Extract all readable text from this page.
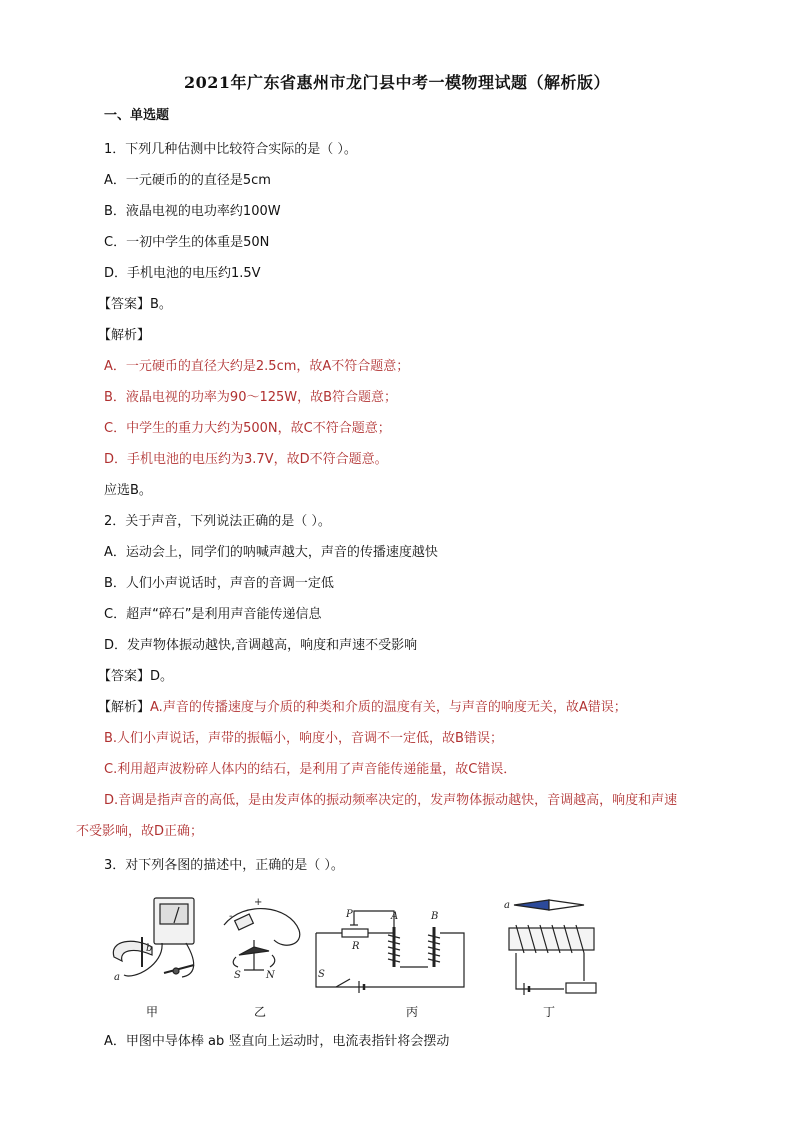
2021年广东省惠州市龙门县中考一模物理试题（解析版）
一、单选题
1．下列几种估测中比较符合实际的是（ ）。
A．一元硬币的的直径是5cm
B．液晶电视的电功率约100W
C．一初中学生的体重是50N
D．手机电池的电压约1.5V
【答案】B。
【解析】
A．一元硬币的直径大约是2.5cm，故A不符合题意；
B．液晶电视的功率为90～125W，故B符合题意；
C．中学生的重力大约为500N，故C不符合题意；
D．手机电池的电压约为3.7V，故D不符合题意。
应选B。
2．关于声音，下列说法正确的是（ ）。
A．运动会上，同学们的呐喊声越大，声音的传播速度越快
B．人们小声说话时，声音的音调一定低
C．超声“碎石”是利用声音能传递信息
D．发声物体振动越快,音调越高，响度和声速不受影响
【答案】D。
【解析】A.声音的传播速度与介质的种类和介质的温度有关，与声音的响度无关，故A错误；
B.人们小声说话，声带的振幅小，响度小，音调不一定低，故B错误；
C.利用超声波粉碎人体内的结石，是利用了声音能传递能量，故C错误．
D.音调是指声音的高低，是由发声体的振动频率决定的，发声物体振动越快，音调越高，响度和声速
不受影响，故D正确；
3．对下列各图的描述中，正确的是（ ）。
b
a	S	N
+
-	P
R
A	B
S
a
甲	乙	丙	丁
A．甲图中导体棒 ab 竖直向上运动时，电流表指针将会摆动
